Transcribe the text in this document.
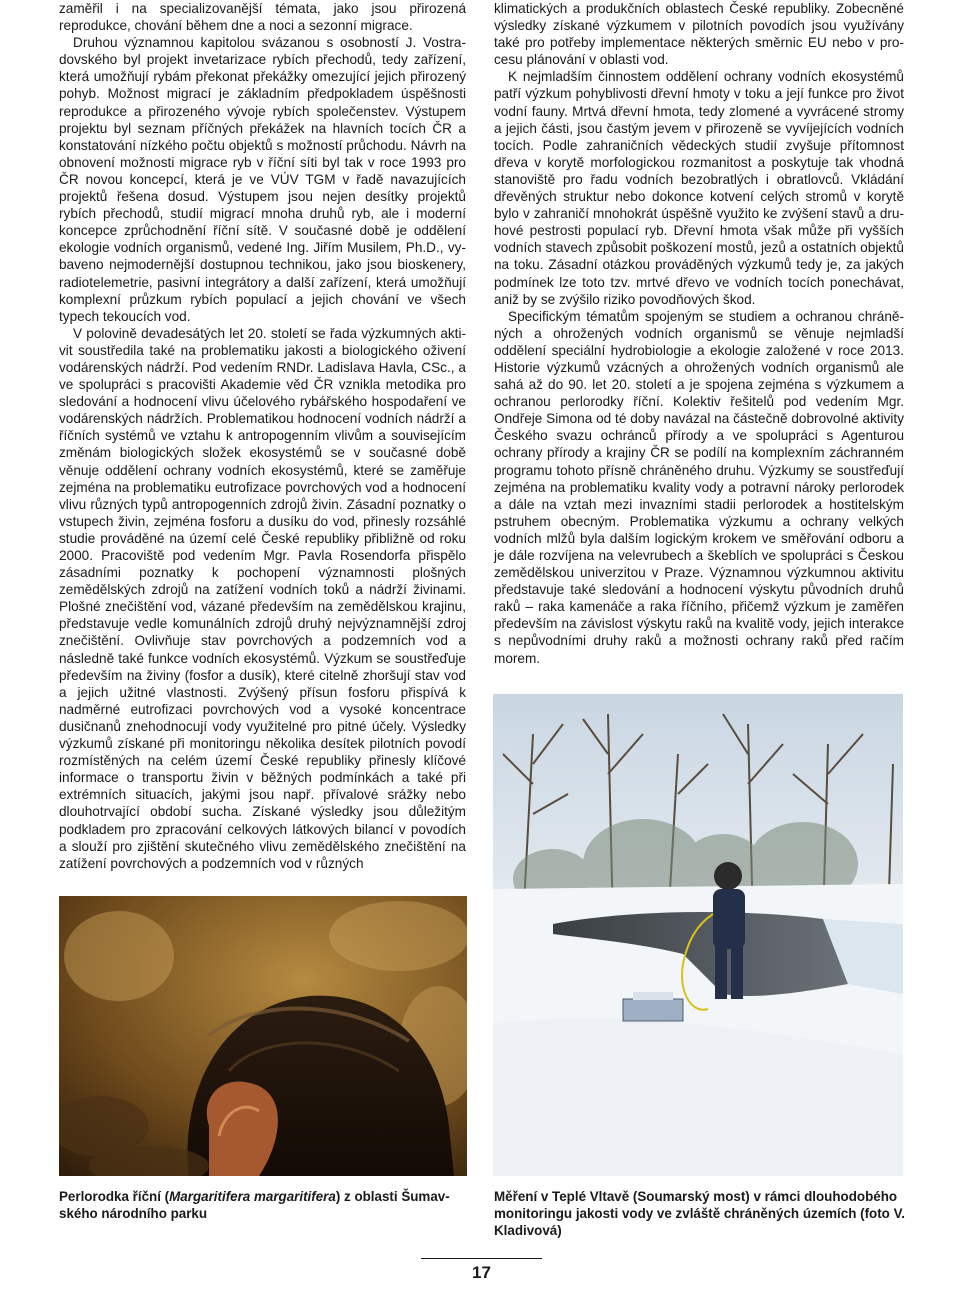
zaměřil i na specializovanější témata, jako jsou přirozená reprodukce, chování během dne a noci a sezonní migrace.

Druhou významnou kapitolou svázanou s osobností J. Vostradovského byl projekt invetarizace rybích přechodů, tedy zařízení, která umožňují rybám překonat překážky omezující jejich přirozený pohyb. Možnost migrací je základním předpokladem úspěšnosti reprodukce a přirozeného vývoje rybích společenstev. Výstupem projektu byl seznam příčných překážek na hlavních tocích ČR a konstatování nízkého počtu objektů s možností průchodu. Návrh na obnovení možnosti migrace ryb v říční síti byl tak v roce 1993 pro ČR novou koncepcí, která je ve VÚV TGM v řadě navazujících projektů řešena dosud. Výstupem jsou nejen desítky projektů rybích přechodů, studií migrací mnoha druhů ryb, ale i moderní koncepce zprůchodnění říční sítě. V současné době je oddělení ekologie vodních organismů, vedené Ing. Jiřím Musilem, Ph.D., vybaveno nejmodernější dostupnou technikou, jako jsou bioskenery, radiotelemetrie, pasivní integrátory a další zařízení, která umožňují komplexní průzkum rybích populací a jejich chování ve všech typech tekoucích vod.

V polovině devadesátých let 20. století se řada výzkumných aktivit soustředila také na problematiku jakosti a biologického oživení vodárenských nádrží. Pod vedením RNDr. Ladislava Havla, CSc., a ve spolupráci s pracovišti Akademie věd ČR vznikla metodika pro sledování a hodnocení vlivu účelového rybářského hospodaření ve vodárenských nádržích. Problematikou hodnocení vodních nádrží a říčních systémů ve vztahu k antropogenním vlivům a souvisejícím změnám biologických složek ekosystémů se v současné době věnuje oddělení ochrany vodních ekosystémů, které se zaměřuje zejména na problematiku eutrofizace povrchových vod a hodnocení vlivu různých typů antropogenních zdrojů živin. Zásadní poznatky o vstupech živin, zejména fosforu a dusíku do vod, přinesly rozsáhlé studie prováděné na území celé České republiky přibližně od roku 2000. Pracoviště pod vedením Mgr. Pavla Rosendorfa přispělo zásadními poznatky k pochopení významnosti plošných zemědělských zdrojů na zatížení vodních toků a nádrží živinami. Plošné znečištění vod, vázané především na zemědělskou krajinu, představuje vedle komunálních zdrojů druhý nejvýznamnější zdroj znečištění. Ovlivňuje stav povrchových a podzemních vod a následně také funkce vodních ekosystémů. Výzkum se soustřeďuje především na živiny (fosfor a dusík), které citelně zhoršují stav vod a jejich užitné vlastnosti. Zvýšený přísun fosforu přispívá k nadměrné eutrofizaci povrchových vod a vysoké koncentrace dusičnanů znehodnocují vody využitelné pro pitné účely. Výsledky výzkumů získané při monitoringu několika desítek pilotních povodí rozmístěných na celém území České republiky přinesly klíčové informace o transportu živin v běžných podmínkách a také při extrémních situacích, jakými jsou např. přívalové srážky nebo dlouhotrvající období sucha. Získané výsledky jsou důležitým podkladem pro zpracování celkových látkových bilancí v povodích a slouží pro zjištění skutečného vlivu zemědělského znečištění na zatížení povrchových a podzemních vod v různých

klimatických a produkčních oblastech České republiky. Zobecněné výsledky získané výzkumem v pilotních povodích jsou využívány také pro potřeby implementace některých směrnic EU nebo v procesu plánování v oblasti vod.

K nejmladším činnostem oddělení ochrany vodních ekosystémů patří výzkum pohyblivosti dřevní hmoty v toku a její funkce pro život vodní fauny. Mrtvá dřevní hmota, tedy zlomené a vyvrácené stromy a jejich části, jsou častým jevem v přirozeně se vyvíjejících vodních tocích. Podle zahraničních vědeckých studií zvyšuje přítomnost dřeva v korytě morfologickou rozmanitost a poskytuje tak vhodná stanoviště pro řadu vodních bezobratlých i obratlovců. Vkládání dřevěných struktur nebo dokonce kotvení celých stromů v korytě bylo v zahraničí mnohokrát úspěšně využito ke zvýšení stavů a druhové pestrosti populací ryb. Dřevní hmota však může při vyšších vodních stavech způsobit poškození mostů, jezů a ostatních objektů na toku. Zásadní otázkou prováděných výzkumů tedy je, za jakých podmínek lze toto tzv. mrtvé dřevo ve vodních tocích ponechávat, aniž by se zvýšilo riziko povodňových škod.

Specifickým tématům spojeným se studiem a ochranou chráněných a ohrožených vodních organismů se věnuje nejmladší oddělení speciální hydrobiologie a ekologie založené v roce 2013. Historie výzkumů vzácných a ohrožených vodních organismů ale sahá až do 90. let 20. století a je spojena zejména s výzkumem a ochranou perlorodky říční. Kolektiv řešitelů pod vedením Mgr. Ondřeje Simona od té doby navázal na částečně dobrovolné aktivity Českého svazu ochránců přírody a ve spolupráci s Agenturou ochrany přírody a krajiny ČR se podílí na komplexním záchranném programu tohoto přísně chráněného druhu. Výzkumy se soustřeďují zejména na problematiku kvality vody a potravní nároky perlorodek a dále na vztah mezi invazními stadii perlorodek a hostitelským pstruhem obecným. Problematika výzkumu a ochrany velkých vodních mlžů byla dalším logickým krokem ve směřování odboru a je dále rozvíjena na velevrubech a škeblích ve spolupráci s Českou zemědělskou univerzitou v Praze. Významnou výzkumnou aktivitu představuje také sledování a hodnocení výskytu původních druhů raků – raka kamenáče a raka říčního, přičemž výzkum je zaměřen především na závislost výskytu raků na kvalitě vody, jejich interakce s nepůvodními druhy raků a možnosti ochrany raků před račím morem.

Perlorodka říční (Margaritifera margaritifera) z oblasti Šumavského národního parku
Měření v Teplé Vltavě (Soumarský most) v rámci dlouhodobého monitoringu jakosti vody ve zvláště chráněných územích (foto V. Kladivová)
17
